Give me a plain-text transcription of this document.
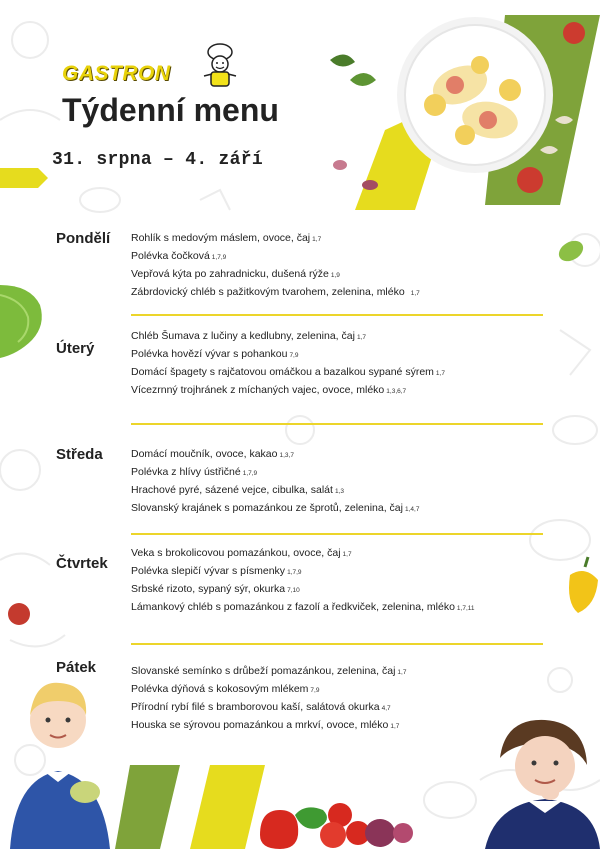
GASTRON
Týdenní menu
31. srpna – 4. září
Pondělí Rohlík s medovým máslem, ovoce, čaj 1,7
Polévka čočková 1,7,9
Vepřová kýta po zahradnicku, dušená rýže 1,9
Zábrdovický chléb s pažitkovým tvarohem, zelenina, mléko 1,7
Úterý
Chléb Šumava z lučiny a kedlubny, zelenina, čaj 1,7
Polévka hovězí vývar s pohankou 7,9
Domácí špagety s rajčatovou omáčkou a bazalkou sypané sýrem 1,7
Vícezrnný trojhránek z míchaných vajec, ovoce, mléko 1,3,6,7
Středa	Domácí moučník, ovoce, kakao 1,3,7
Polévka z hlívy ústřičné 1,7,9
Hrachové pyré, sázené vejce, cibulka, salát 1,3
Slovanský krajánek s pomazánkou ze šprotů, zelenina, čaj 1,4,7
Čtvrtek
Veka s brokolicovou pomazánkou, ovoce, čaj 1,7
Polévka slepičí vývar s písmenky 1,7,9
Srbské rizoto, sypaný sýr, okurka 7,10
Lámankový chléb s pomazánkou z fazolí a ředkviček, zelenina, mléko 1,7,11
Pátek	Slovanské semínko s drůbeží pomazánkou, zelenina, čaj 1,7
Polévka dýňová s kokosovým mlékem 7,9
Přírodní rybí filé s bramborovou kaší, salátová okurka 4,7
Houska se sýrovou pomazánkou a mrkví, ovoce, mléko 1,7
